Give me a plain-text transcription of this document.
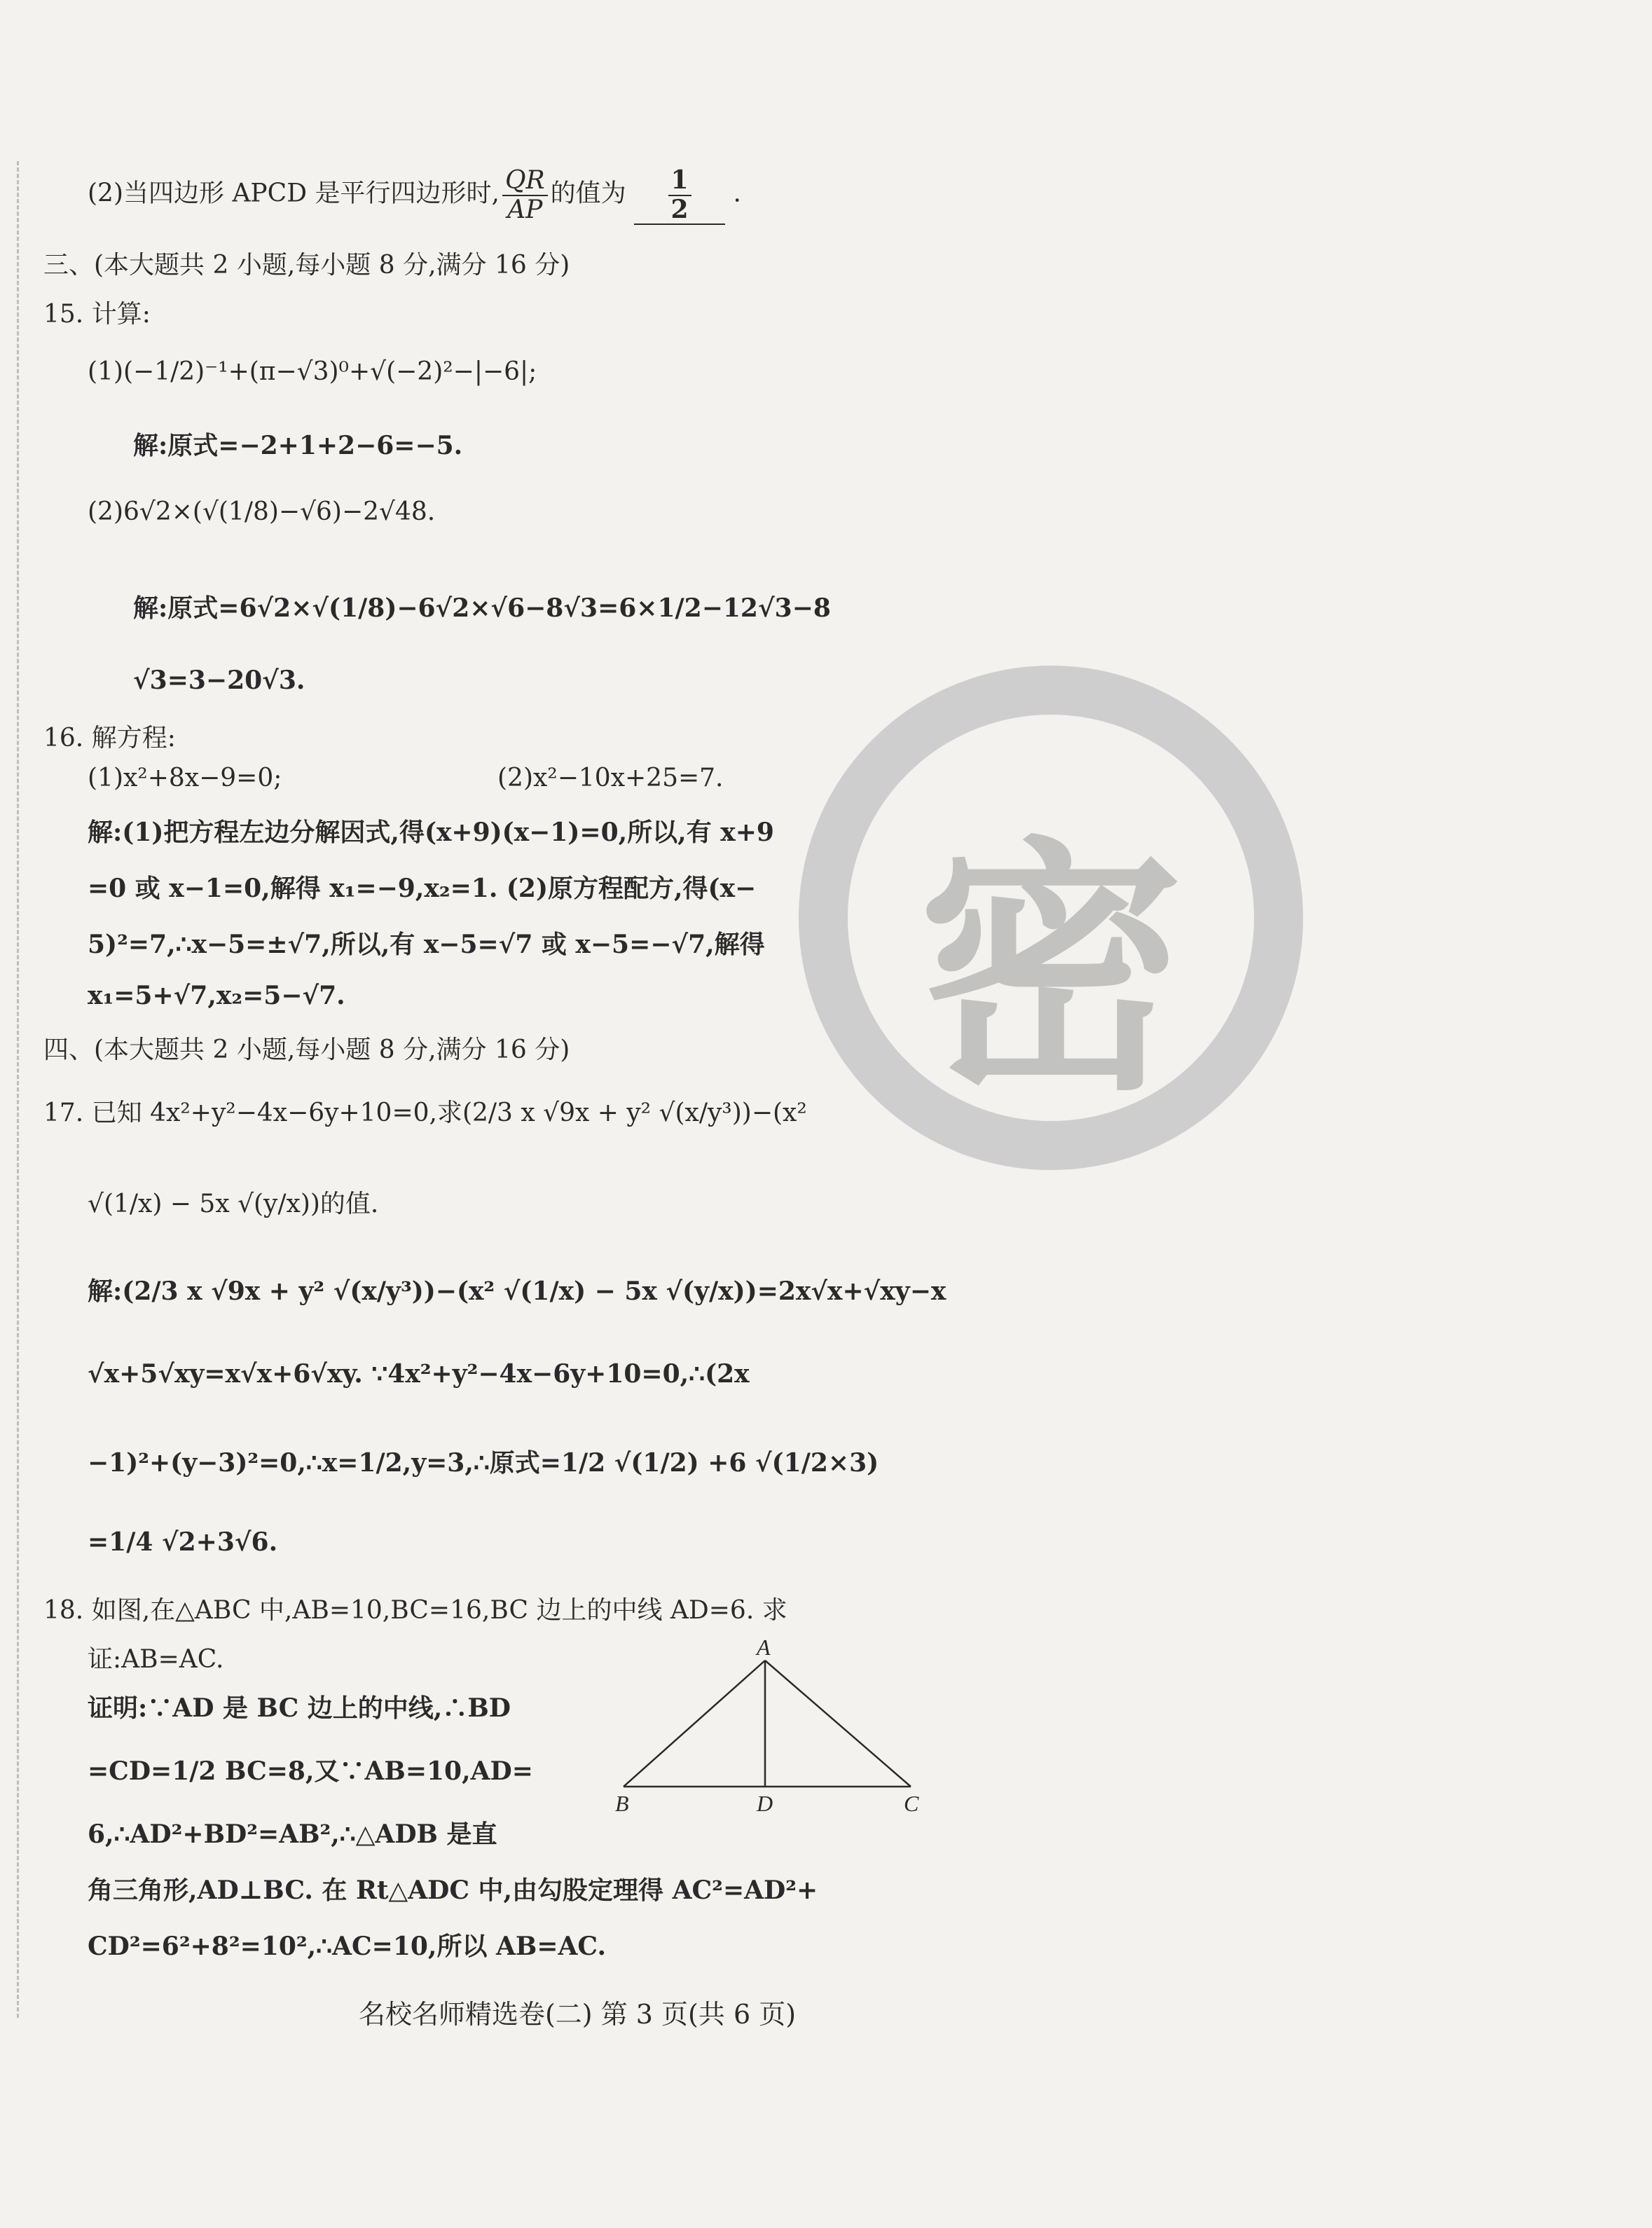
密
(2)当四边形 APCD 是平行四边形时, $\frac{QR}{AP}$ 的值为 $\frac{1}{2}$ .
三、(本大题共 2 小题,每小题 8 分,满分 16 分)
15. 计算:
(1)(−1/2)⁻¹+(π−√3)⁰+√(−2)²−|−6|;
解:原式=−2+1+2−6=−5.
(2)6√2×(√(1/8)−√6)−2√48.
解:原式=6√2×√(1/8)−6√2×√6−8√3=6×1/2−12√3−8
√3=3−20√3.
16. 解方程:
(1)x²+8x−9=0;	(2)x²−10x+25=7.
解:(1)把方程左边分解因式,得(x+9)(x−1)=0,所以,有 x+9
=0 或 x−1=0,解得 x₁=−9,x₂=1. (2)原方程配方,得(x−
5)²=7,∴x−5=±√7,所以,有 x−5=√7 或 x−5=−√7,解得
x₁=5+√7,x₂=5−√7.
四、(本大题共 2 小题,每小题 8 分,满分 16 分)
17. 已知 4x²+y²−4x−6y+10=0,求(2/3 x √9x + y² √(x/y³))−(x²
√(1/x) − 5x √(y/x))的值.
解:(2/3 x √9x + y² √(x/y³))−(x² √(1/x) − 5x √(y/x))=2x√x+√xy−x
√x+5√xy=x√x+6√xy. ∵4x²+y²−4x−6y+10=0,∴(2x
−1)²+(y−3)²=0,∴x=1/2,y=3,∴原式=1/2 √(1/2) +6 √(1/2×3)
=1/4 √2+3√6.
18. 如图,在△ABC 中,AB=10,BC=16,BC 边上的中线 AD=6. 求
证:AB=AC.
证明:∵AD 是 BC 边上的中线,∴BD
=CD=1/2 BC=8,又∵AB=10,AD=
6,∴AD²+BD²=AB²,∴△ADB 是直
角三角形,AD⊥BC. 在 Rt△ADC 中,由勾股定理得 AC²=AD²+
CD²=6²+8²=10²,∴AC=10,所以 AB=AC.
A
B	D	C
名校名师精选卷(二) 第 3 页(共 6 页)
